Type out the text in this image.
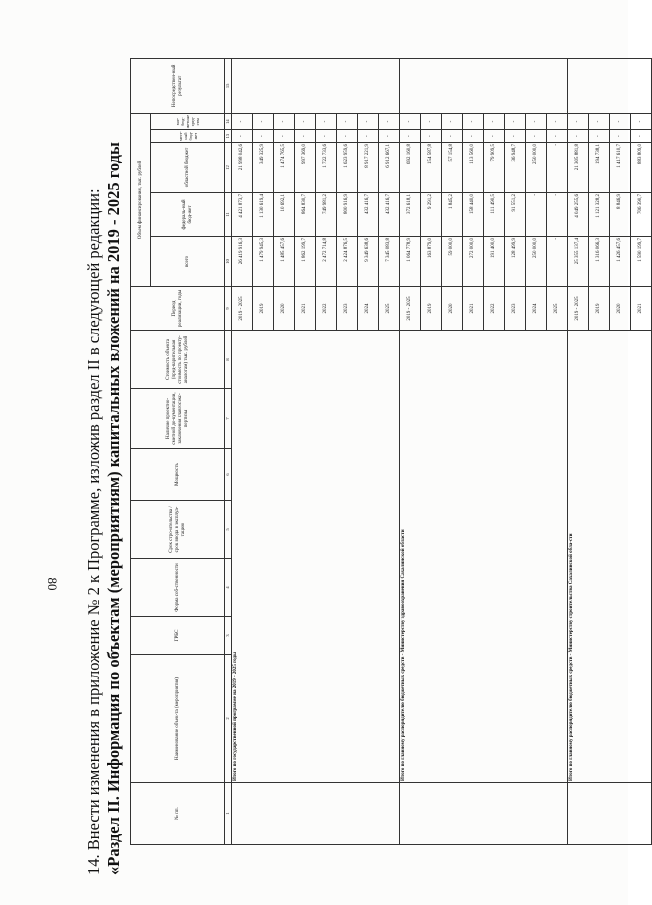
80 14. Внести изменения в приложение № 2 к Программе, изложив раздел II в следующей редакции: «Раздел II. Информация по объектам (мероприятиям) капитальных вложений на 2019 - 2025 годы	№ пп.	Наименование объек-та (мероприятия)	ГРБС	Форма соб-ственности	Срок стро-ительства / срок ввода в эксплуа-тацию	Мощность	Наличие проектно-сметной до-кументации, заключения главгосэкс-пертизы	Стоимость объекта (пред-варительная стоимость по проекту-аналогам) тыс. рублей	Период реализации, годы	Объем финансирования, тыс. рублей					Непосредствен-ный результат
									всего	федераль-ный бюд-жет	областной бюджет	мест-ный бюд-жет	вне-бюд-жетные сред-ства	
1	2	3	4	5	6	7	8	9	10	11	12	13	14	15
	Итого по государственной программе на 2019 - 2025 годы							2019 - 2025	26 419 916,3	4 421 873,7	21 998 042,6	-	-	
								2019	1 479 945,3	1 130 619,4	349 325,9	-	-	
								2020	1 485 457,6	10 692,1	1 474 765,5	-	-	
								2021	1 862 199,7	864 830,7	997 369,0	-	-	
								2022	2 472 714,8	749 981,2	1 722 733,6	-	-	
								2023	2 424 876,5	800 916,9	1 623 959,6	-	-	
								2024	9 349 638,6	432 416,7	8 917 221,9	-	-	
								2025	7 345 083,8	432 416,7	6 912 667,1	-	-	
	Итого по главному распорядителю бюджетных средств - Министерству здравоохранения Сахалинской области							2019 - 2025	1 064 778,9	372 618,1	692 160,8	-	-	
								2019	163 879,0	9 291,2	154 587,8	-	-	
								2020	59 000,0	1 845,2	57 154,8	-	-	
								2021	272 000,0	158 440,0	113 560,0	-	-	
								2022	191 400,0	111 490,5	79 909,5	-	-	
								2023	128 499,9	91 551,2	36 948,7	-	-	
								2024	250 000,0	-	250 000,0	-	-	
								2025	-	-	-	-	-	
	Итого по главному распорядителю бюджетных средств - Министерству строительства Сахалинской обла-сти							2019 - 2025	25 355 137,4	4 049 255,6	21 305 881,8	-	-	
								2019	1 316 066,3	1 121 328,2	194 738,1	-	-	
								2020	1 426 457,6	8 846,9	1 417 610,7	-	-	
								2021	1 590 199,7	706 390,7	883 809,0	-	-	
